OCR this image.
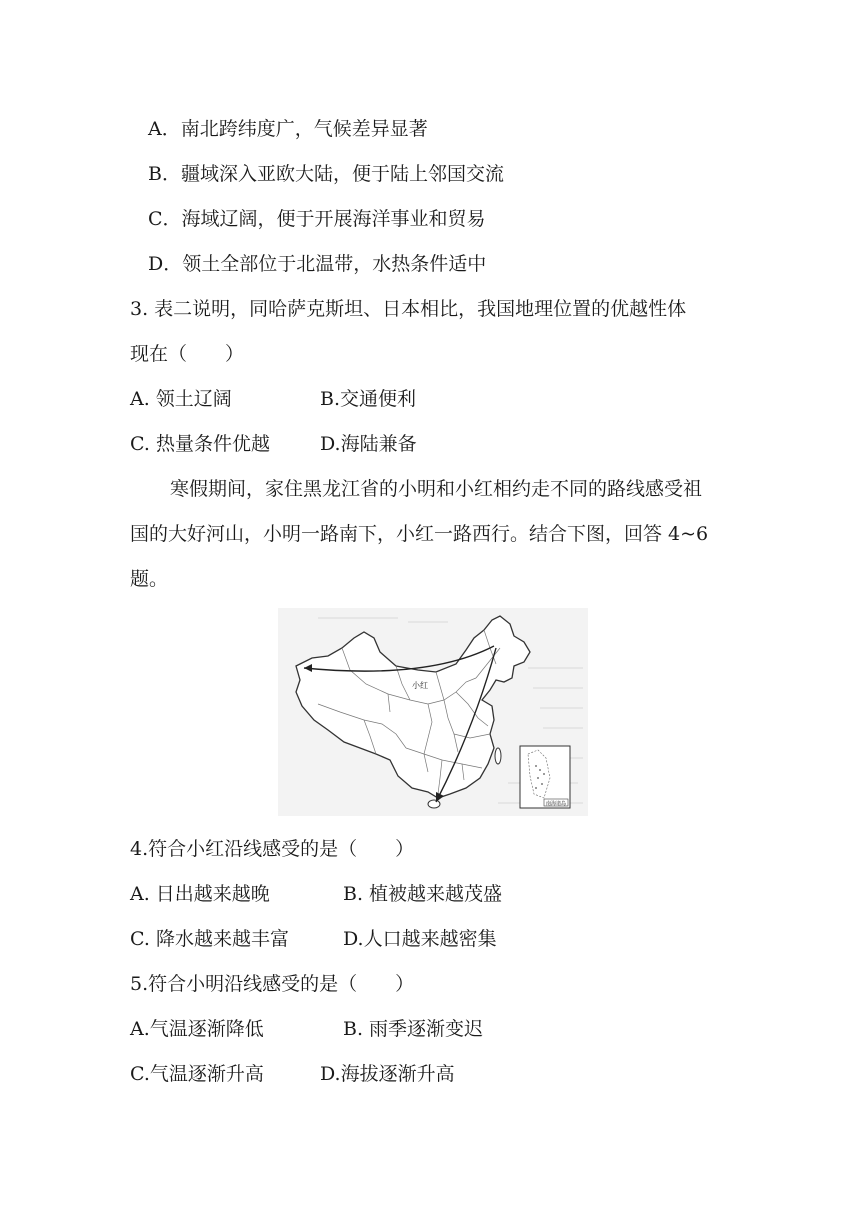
A．南北跨纬度广，气候差异显著
B．疆域深入亚欧大陆，便于陆上邻国交流
C．海域辽阔，便于开展海洋事业和贸易
D．领土全部位于北温带，水热条件适中
3. 表二说明，同哈萨克斯坦、日本相比，我国地理位置的优越性体
现在（　　）
A. 领土辽阔	B.交通便利
C. 热量条件优越	D.海陆兼备
寒假期间，家住黑龙江省的小明和小红相约走不同的路线感受祖
国的大好河山，小明一路南下，小红一路西行。结合下图，回答 4~6
题。
小红
南海诸岛
4.符合小红沿线感受的是（　　）
A. 日出越来越晚	B. 植被越来越茂盛
C. 降水越来越丰富	D.人口越来越密集
5.符合小明沿线感受的是（　　）
A.气温逐渐降低	B. 雨季逐渐变迟
C.气温逐渐升高	D.海拔逐渐升高
